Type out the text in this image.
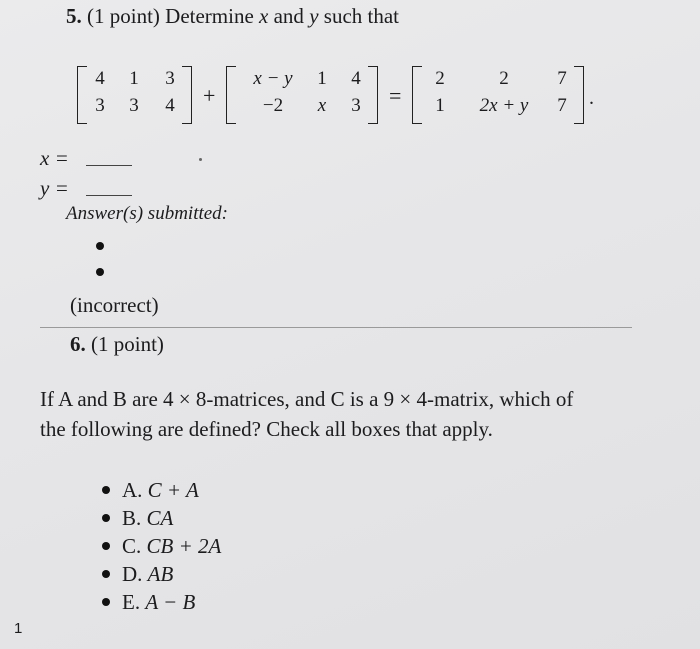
5. (1 point) Determine x and y such that
4 1 3
3 3 4 +
x − y 1 4
−2 x 3 =
2	2	7
1 2x + y 7 .
x =
y =
Answer(s) submitted:
(incorrect)
6. (1 point)
If A and B are 4 × 8-matrices, and C is a 9 × 4-matrix, which of
the following are defined? Check all boxes that apply.
A. C + A
B. CA
C. CB + 2A
D. AB
E. A − B
1
